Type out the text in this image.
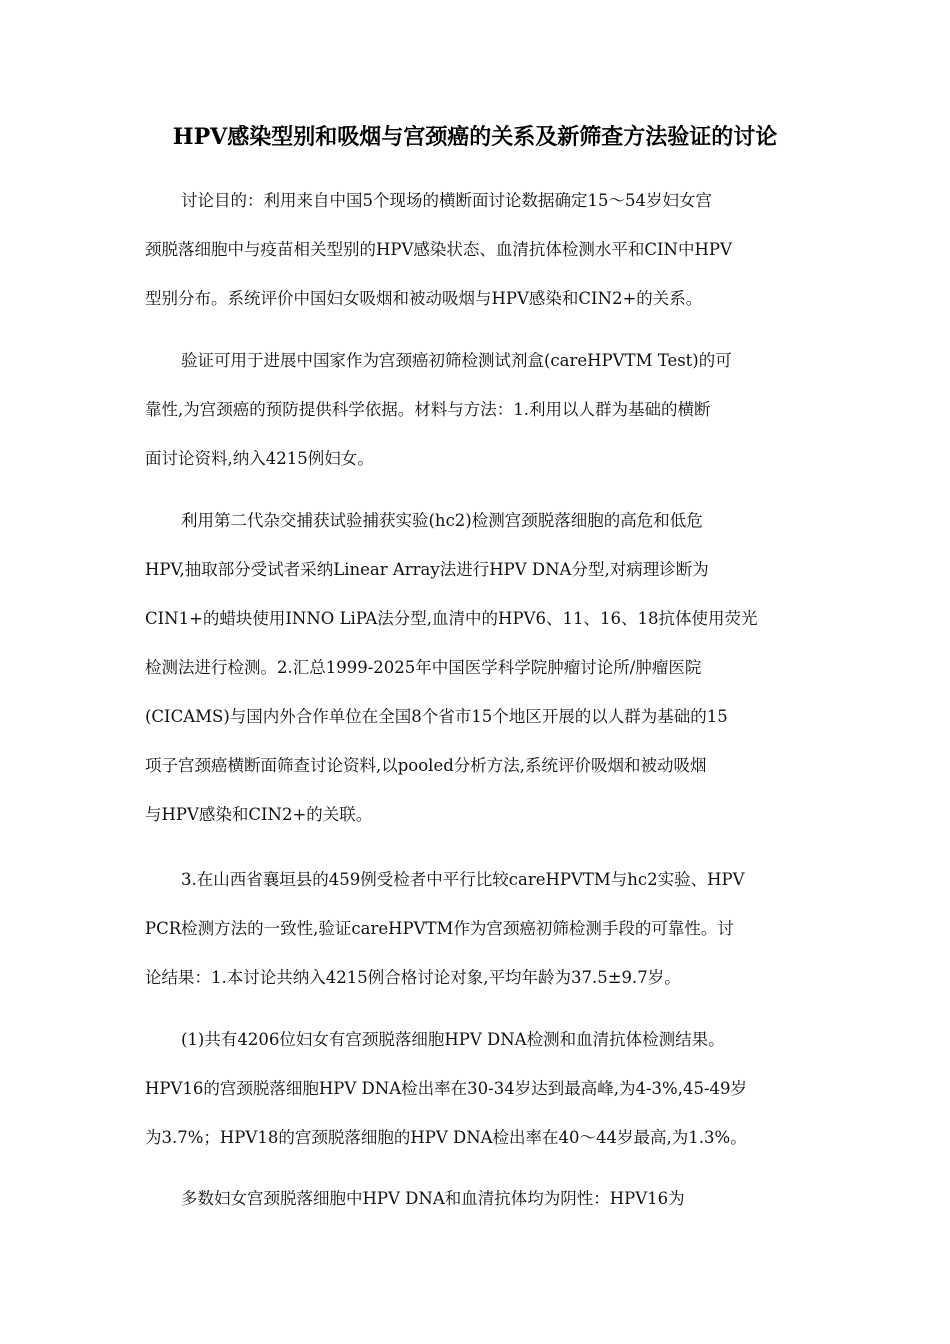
HPV感染型别和吸烟与宫颈癌的关系及新筛查方法验证的讨论
讨论目的：利用来自中国5个现场的横断面讨论数据确定15～54岁妇女宫
颈脱落细胞中与疫苗相关型别的HPV感染状态、血清抗体检测水平和CIN中HPV
型别分布。系统评价中国妇女吸烟和被动吸烟与HPV感染和CIN2+的关系。
验证可用于进展中国家作为宫颈癌初筛检测试剂盒(careHPVTM Test)的可
靠性,为宫颈癌的预防提供科学依据。材料与方法：1.利用以人群为基础的横断
面讨论资料,纳入4215例妇女。
利用第二代杂交捕获试验捕获实验(hc2)检测宫颈脱落细胞的高危和低危
HPV,抽取部分受试者采纳Linear Array法进行HPV DNA分型,对病理诊断为
CIN1+的蜡块使用INNO LiPA法分型,血清中的HPV6、11、16、18抗体使用荧光
检测法进行检测。2.汇总1999-2025年中国医学科学院肿瘤讨论所/肿瘤医院
(CICAMS)与国内外合作单位在全国8个省市15个地区开展的以人群为基础的15
项子宫颈癌横断面筛查讨论资料,以pooled分析方法,系统评价吸烟和被动吸烟
与HPV感染和CIN2+的关联。
3.在山西省襄垣县的459例受检者中平行比较careHPVTM与hc2实验、HPV
PCR检测方法的一致性,验证careHPVTM作为宫颈癌初筛检测手段的可靠性。讨
论结果：1.本讨论共纳入4215例合格讨论对象,平均年龄为37.5±9.7岁。
(1)共有4206位妇女有宫颈脱落细胞HPV DNA检测和血清抗体检测结果。
HPV16的宫颈脱落细胞HPV DNA检出率在30-34岁达到最高峰,为4-3%,45-49岁
为3.7%；HPV18的宫颈脱落细胞的HPV DNA检出率在40～44岁最高,为1.3%。
多数妇女宫颈脱落细胞中HPV DNA和血清抗体均为阴性：HPV16为
